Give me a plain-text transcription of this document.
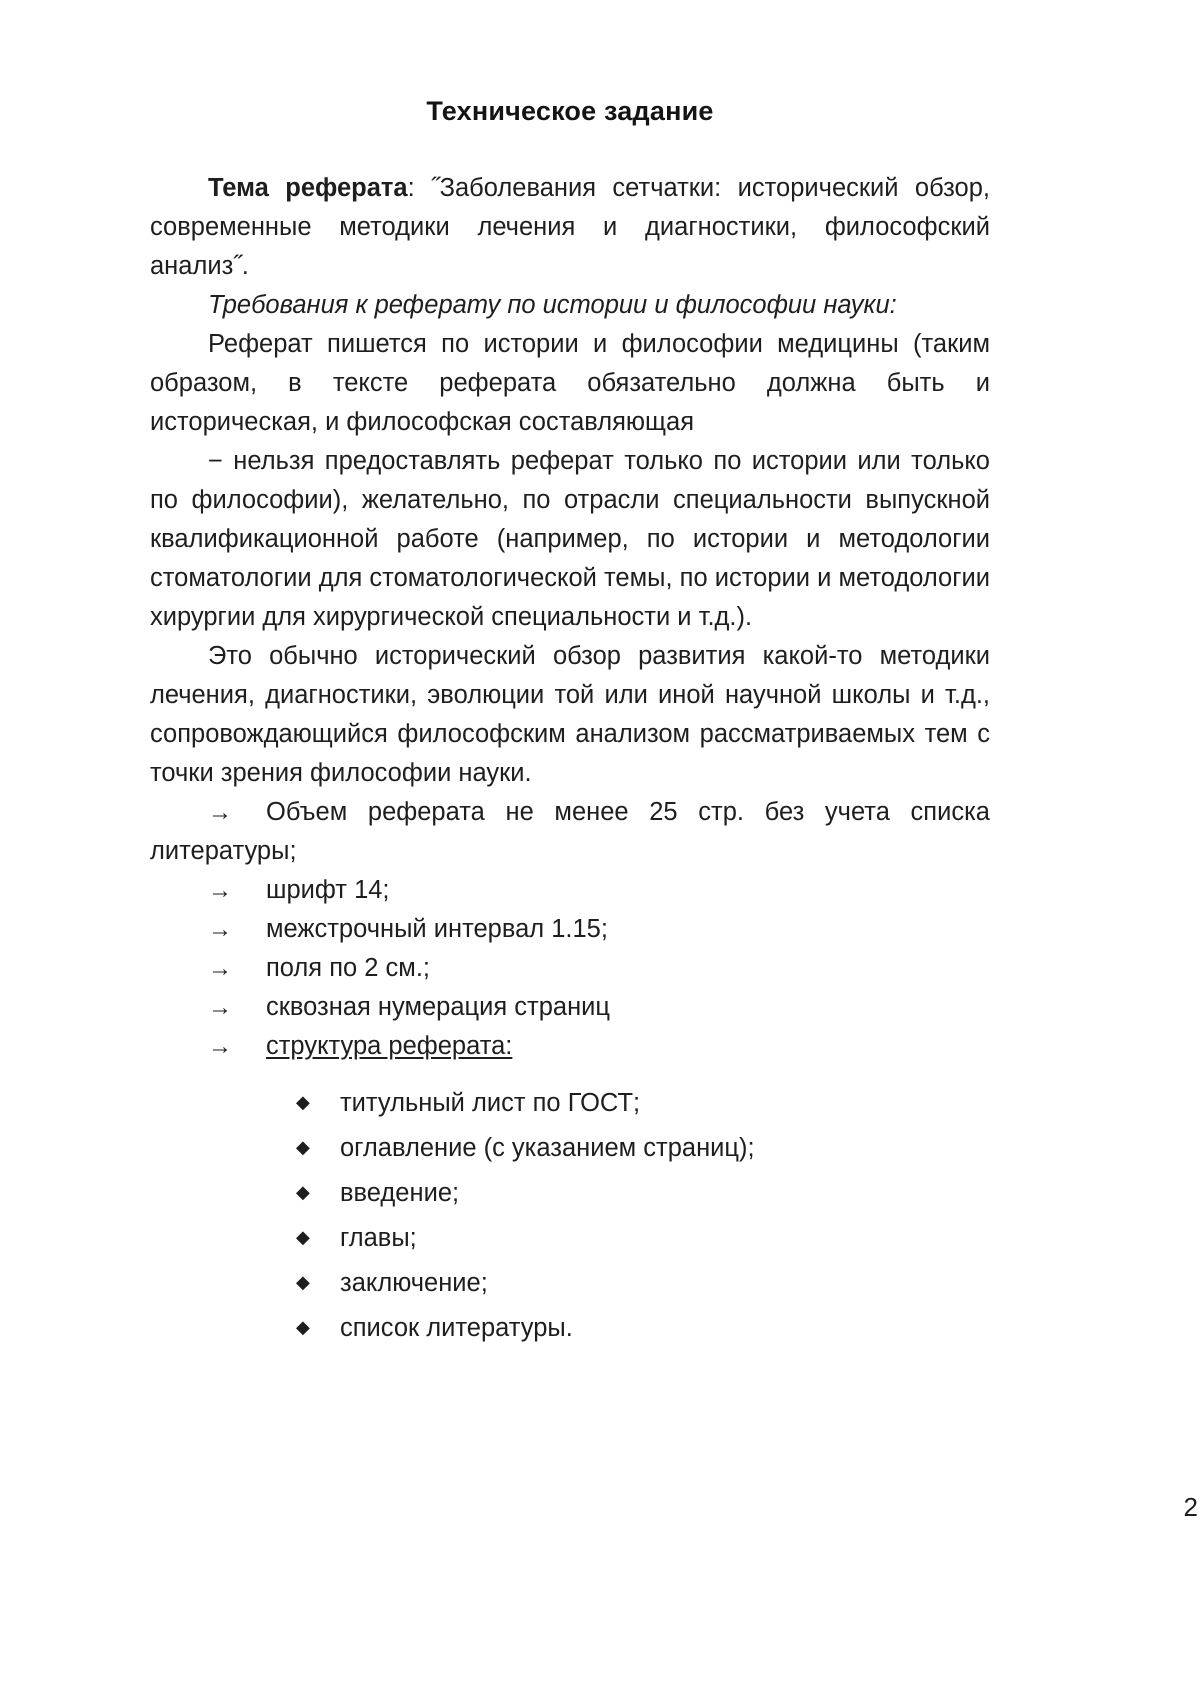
Техническое задание

Тема реферата: ˝Заболевания сетчатки: исторический обзор, современные методики лечения и диагностики, философский анализ˝.

Требования к реферату по истории и философии науки:

Реферат пишется по истории и философии медицины (таким образом, в тексте реферата обязательно должна быть и историческая, и философская составляющая

− нельзя предоставлять реферат только по истории или только по философии), желательно, по отрасли специальности выпускной квалификационной работе (например, по истории и методологии стоматологии для стоматологической темы, по истории и методологии хирургии для хирургической специальности и т.д.).

Это обычно исторический обзор развития какой-то методики лечения, диагностики, эволюции той или иной научной школы и т.д., сопровождающийся философским анализом рассматриваемых тем с точки зрения философии науки.

→ Объем реферата не менее 25 стр. без учета списка литературы;
→ шрифт 14;
→ межстрочный интервал 1.15;
→ поля по 2 см.;
→ сквозная нумерация страниц
→ структура реферата:
◆ титульный лист по ГОСТ;
◆ оглавление (с указанием страниц);
◆ введение;
◆ главы;
◆ заключение;
◆ список литературы.
2
